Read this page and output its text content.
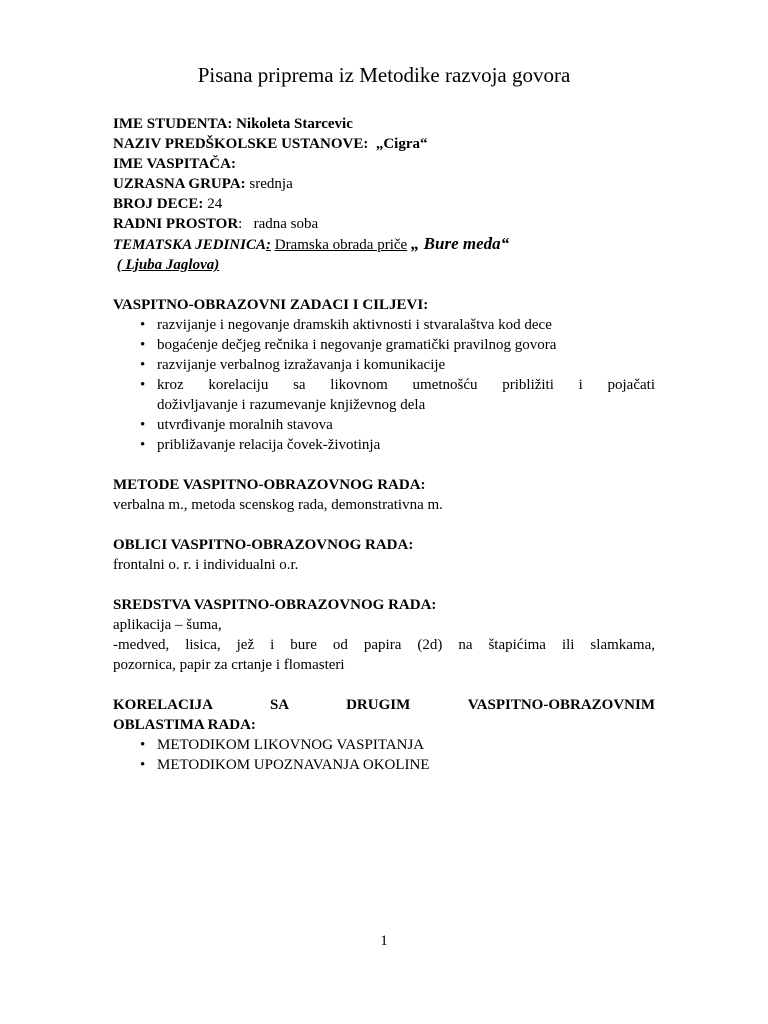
Pisana priprema iz Metodike razvoja govora

IME STUDENTA: Nikoleta Starcevic

NAZIV PREDŠKOLSKE USTANOVE: „Cigra“

IME VASPITAČA:

UZRASNA GRUPA: srednja

BROJ DECE: 24

RADNI PROSTOR: radna soba

TEMATSKA JEDINICA: Dramska obrada priče „ Bure meda“

( Ljuba Jaglova)

VASPITNO-OBRAZOVNI ZADACI I CILJEVI:

• razvijanje i negovanje dramskih aktivnosti i stvaralaštva kod dece
• bogaćenje dečjeg rečnika i negovanje gramatički pravilnog govora
• razvijanje verbalnog izražavanja i komunikacije
• kroz korelaciju sa likovnom umetnošću približiti i pojačati
doživljavanje i razumevanje književnog dela
• utvrđivanje moralnih stavova
• približavanje relacija čovek-životinja

METODE VASPITNO-OBRAZOVNOG RADA:

verbalna m., metoda scenskog rada, demonstrativna m.

OBLICI VASPITNO-OBRAZOVNOG RADA:

frontalni o. r. i individualni o.r.

SREDSTVA VASPITNO-OBRAZOVNOG RADA:

aplikacija – šuma,

-medved, lisica, jež i bure od papira (2d) na štapićima ili slamkama,

pozornica, papir za crtanje i flomasteri

KORELACIJA SA DRUGIM VASPITNO-OBRAZOVNIM

OBLASTIMA RADA:

• METODIKOM LIKOVNOG VASPITANJA
• METODIKOM UPOZNAVANJA OKOLINE
1
